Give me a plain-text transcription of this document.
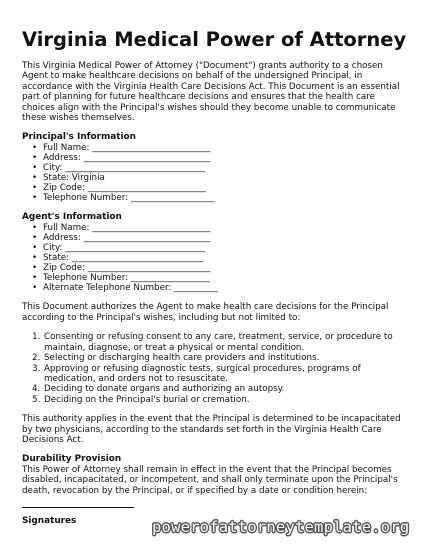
Virginia Medical Power of Attorney

This Virginia Medical Power of Attorney ("Document") grants authority to a chosen Agent to make healthcare decisions on behalf of the undersigned Principal, in accordance with the Virginia Health Care Decisions Act. This Document is an essential part of planning for future healthcare decisions and ensures that the health care choices align with the Principal's wishes should they become unable to communicate these wishes themselves.

Principal's Information

• Full Name: ___________________________
• Address: _____________________________
• City: ________________________________
• State: Virginia
• Zip Code: ___________________________
• Telephone Number: ___________________

Agent's Information

• Full Name: ___________________________
• Address: _____________________________
• City: ________________________________
• State: ______________________________
• Zip Code: ____________________________
• Telephone Number: __________________
• Alternate Telephone Number: __________

This Document authorizes the Agent to make health care decisions for the Principal according to the Principal's wishes, including but not limited to:

1. Consenting or refusing consent to any care, treatment, service, or procedure to maintain, diagnose, or treat a physical or mental condition.
2. Selecting or discharging health care providers and institutions.
3. Approving or refusing diagnostic tests, surgical procedures, programs of medication, and orders not to resuscitate.
4. Deciding to donate organs and authorizing an autopsy.
5. Deciding on the Principal's burial or cremation.

This authority applies in the event that the Principal is determined to be incapacitated by two physicians, according to the standards set forth in the Virginia Health Care Decisions Act.

Durability Provision

This Power of Attorney shall remain in effect in the event that the Principal becomes disabled, incapacitated, or incompetent, and shall only terminate upon the Principal's death, revocation by the Principal, or if specified by a date or condition herein:

Signatures	powerofattorneytemplate.org
